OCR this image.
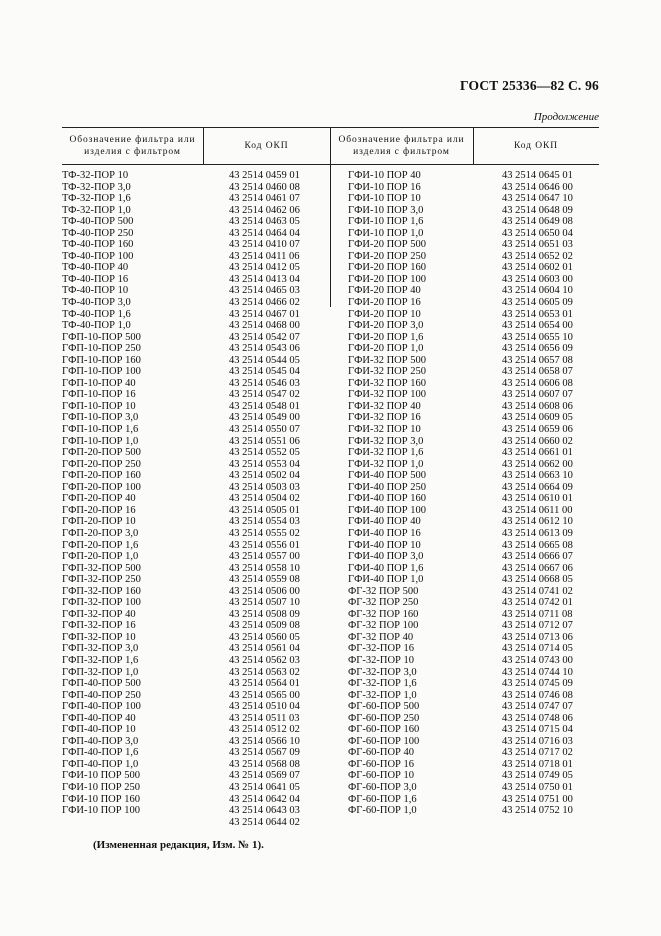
ГОСТ 25336—82 С. 96
Продолжение
Обозначение фильтра или
изделия с фильтром
Код ОКП
Обозначение фильтра или
изделия с фильтром
Код ОКП
ТФ-32-ПОР 10
ТФ-32-ПОР 3,0
ТФ-32-ПОР 1,6
ТФ-32-ПОР 1,0
ТФ-40-ПОР 500
ТФ-40-ПОР 250
ТФ-40-ПОР 160
ТФ-40-ПОР 100
ТФ-40-ПОР 40
ТФ-40-ПОР 16
ТФ-40-ПОР 10
ТФ-40-ПОР 3,0
ТФ-40-ПОР 1,6
ТФ-40-ПОР 1,0
ГФП-10-ПОР 500
ГФП-10-ПОР 250
ГФП-10-ПОР 160
ГФП-10-ПОР 100
ГФП-10-ПОР 40
ГФП-10-ПОР 16
ГФП-10-ПОР 10
ГФП-10-ПОР 3,0
ГФП-10-ПОР 1,6
ГФП-10-ПОР 1,0
ГФП-20-ПОР 500
ГФП-20-ПОР 250
ГФП-20-ПОР 160
ГФП-20-ПОР 100
ГФП-20-ПОР 40
ГФП-20-ПОР 16
ГФП-20-ПОР 10
ГФП-20-ПОР 3,0
ГФП-20-ПОР 1,6
ГФП-20-ПОР 1,0
ГФП-32-ПОР 500
ГФП-32-ПОР 250
ГФП-32-ПОР 160
ГФП-32-ПОР 100
ГФП-32-ПОР 40
ГФП-32-ПОР 16
ГФП-32-ПОР 10
ГФП-32-ПОР 3,0
ГФП-32-ПОР 1,6
ГФП-32-ПОР 1,0
ГФП-40-ПОР 500
ГФП-40-ПОР 250
ГФП-40-ПОР 100
ГФП-40-ПОР 40
ГФП-40-ПОР 10
ГФП-40-ПОР 3,0
ГФП-40-ПОР 1,6
ГФП-40-ПОР 1,0
ГФИ-10 ПОР 500
ГФИ-10 ПОР 250
ГФИ-10 ПОР 160
ГФИ-10 ПОР 100
43 2514 0459 01
43 2514 0460 08
43 2514 0461 07
43 2514 0462 06
43 2514 0463 05
43 2514 0464 04
43 2514 0410 07
43 2514 0411 06
43 2514 0412 05
43 2514 0413 04
43 2514 0465 03
43 2514 0466 02
43 2514 0467 01
43 2514 0468 00
43 2514 0542 07
43 2514 0543 06
43 2514 0544 05
43 2514 0545 04
43 2514 0546 03
43 2514 0547 02
43 2514 0548 01
43 2514 0549 00
43 2514 0550 07
43 2514 0551 06
43 2514 0552 05
43 2514 0553 04
43 2514 0502 04
43 2514 0503 03
43 2514 0504 02
43 2514 0505 01
43 2514 0554 03
43 2514 0555 02
43 2514 0556 01
43 2514 0557 00
43 2514 0558 10
43 2514 0559 08
43 2514 0506 00
43 2514 0507 10
43 2514 0508 09
43 2514 0509 08
43 2514 0560 05
43 2514 0561 04
43 2514 0562 03
43 2514 0563 02
43 2514 0564 01
43 2514 0565 00
43 2514 0510 04
43 2514 0511 03
43 2514 0512 02
43 2514 0566 10
43 2514 0567 09
43 2514 0568 08
43 2514 0569 07
43 2514 0641 05
43 2514 0642 04
43 2514 0643 03
43 2514 0644 02
ГФИ-10 ПОР 40
ГФИ-10 ПОР 16
ГФИ-10 ПОР 10
ГФИ-10 ПОР 3,0
ГФИ-10 ПОР 1,6
ГФИ-10 ПОР 1,0
ГФИ-20 ПОР 500
ГФИ-20 ПОР 250
ГФИ-20 ПОР 160
ГФИ-20 ПОР 100
ГФИ-20 ПОР 40
ГФИ-20 ПОР 16
ГФИ-20 ПОР 10
ГФИ-20 ПОР 3,0
ГФИ-20 ПОР 1,6
ГФИ-20 ПОР 1,0
ГФИ-32 ПОР 500
ГФИ-32 ПОР 250
ГФИ-32 ПОР 160
ГФИ-32 ПОР 100
ГФИ-32 ПОР 40
ГФИ-32 ПОР 16
ГФИ-32 ПОР 10
ГФИ-32 ПОР 3,0
ГФИ-32 ПОР 1,6
ГФИ-32 ПОР 1,0
ГФИ-40 ПОР 500
ГФИ-40 ПОР 250
ГФИ-40 ПОР 160
ГФИ-40 ПОР 100
ГФИ-40 ПОР 40
ГФИ-40 ПОР 16
ГФИ-40 ПОР 10
ГФИ-40 ПОР 3,0
ГФИ-40 ПОР 1,6
ГФИ-40 ПОР 1,0
ФГ-32 ПОР 500
ФГ-32 ПОР 250
ФГ-32 ПОР 160
ФГ-32 ПОР 100
ФГ-32 ПОР 40
ФГ-32-ПОР 16
ФГ-32-ПОР 10
ФГ-32-ПОР 3,0
ФГ-32-ПОР 1,6
ФГ-32-ПОР 1,0
ФГ-60-ПОР 500
ФГ-60-ПОР 250
ФГ-60-ПОР 160
ФГ-60-ПОР 100
ФГ-60-ПОР 40
ФГ-60-ПОР 16
ФГ-60-ПОР 10
ФГ-60-ПОР 3,0
ФГ-60-ПОР 1,6
ФГ-60-ПОР 1,0
43 2514 0645 01
43 2514 0646 00
43 2514 0647 10
43 2514 0648 09
43 2514 0649 08
43 2514 0650 04
43 2514 0651 03
43 2514 0652 02
43 2514 0602 01
43 2514 0603 00
43 2514 0604 10
43 2514 0605 09
43 2514 0653 01
43 2514 0654 00
43 2514 0655 10
43 2514 0656 09
43 2514 0657 08
43 2514 0658 07
43 2514 0606 08
43 2514 0607 07
43 2514 0608 06
43 2514 0609 05
43 2514 0659 06
43 2514 0660 02
43 2514 0661 01
43 2514 0662 00
43 2514 0663 10
43 2514 0664 09
43 2514 0610 01
43 2514 0611 00
43 2514 0612 10
43 2514 0613 09
43 2514 0665 08
43 2514 0666 07
43 2514 0667 06
43 2514 0668 05
43 2514 0741 02
43 2514 0742 01
43 2514 0711 08
43 2514 0712 07
43 2514 0713 06
43 2514 0714 05
43 2514 0743 00
43 2514 0744 10
43 2514 0745 09
43 2514 0746 08
43 2514 0747 07
43 2514 0748 06
43 2514 0715 04
43 2514 0716 03
43 2514 0717 02
43 2514 0718 01
43 2514 0749 05
43 2514 0750 01
43 2514 0751 00
43 2514 0752 10
(Измененная редакция, Изм. № 1).
